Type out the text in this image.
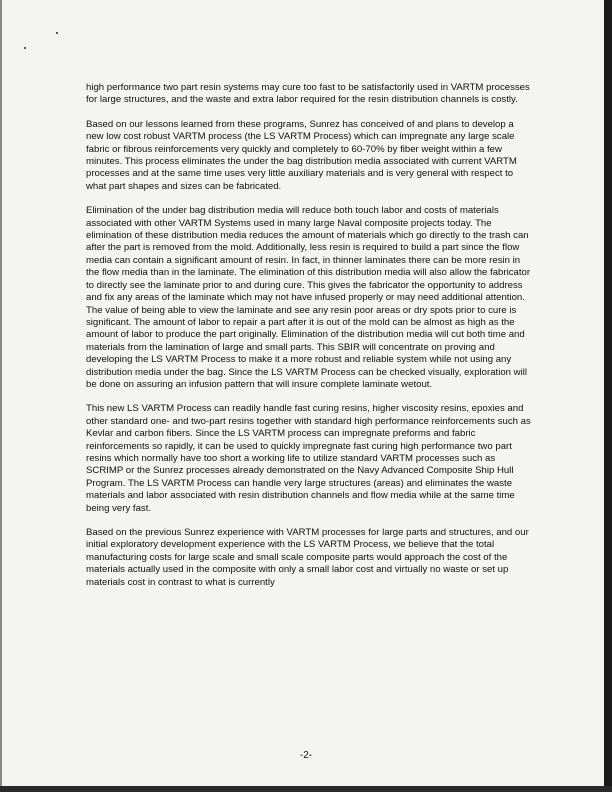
high performance two part resin systems may cure too fast to be satisfactorily used in VARTM processes for large structures, and the waste and extra labor required for the resin distribution channels is costly.

Based on our lessons learned from these programs, Sunrez has conceived of and plans to develop a new low cost robust VARTM process (the LS VARTM Process) which can impregnate any large scale fabric or fibrous reinforcements very quickly and completely to 60-70% by fiber weight within a few minutes. This process eliminates the under the bag distribution media associated with current VARTM processes and at the same time uses very little auxiliary materials and is very general with respect to what part shapes and sizes can be fabricated.

Elimination of the under bag distribution media will reduce both touch labor and costs of materials associated with other VARTM Systems used in many large Naval composite projects today. The elimination of these distribution media reduces the amount of materials which go directly to the trash can after the part is removed from the mold. Additionally, less resin is required to build a part since the flow media can contain a significant amount of resin. In fact, in thinner laminates there can be more resin in the flow media than in the laminate. The elimination of this distribution media will also allow the fabricator to directly see the laminate prior to and during cure. This gives the fabricator the opportunity to address and fix any areas of the laminate which may not have infused properly or may need additional attention. The value of being able to view the laminate and see any resin poor areas or dry spots prior to cure is significant. The amount of labor to repair a part after it is out of the mold can be almost as high as the amount of labor to produce the part originally. Elimination of the distribution media will cut both time and materials from the lamination of large and small parts. This SBIR will concentrate on proving and developing the LS VARTM Process to make it a more robust and reliable system while not using any distribution media under the bag. Since the LS VARTM Process can be checked visually, exploration will be done on assuring an infusion pattern that will insure complete laminate wetout.

This new LS VARTM Process can readily handle fast curing resins, higher viscosity resins, epoxies and other standard one- and two-part resins together with standard high performance reinforcements such as Kevlar and carbon fibers. Since the LS VARTM process can impregnate preforms and fabric reinforcements so rapidly, it can be used to quickly impregnate fast curing high performance two part resins which normally have too short a working life to utilize standard VARTM processes such as SCRIMP or the Sunrez processes already demonstrated on the Navy Advanced Composite Ship Hull Program. The LS VARTM Process can handle very large structures (areas) and eliminates the waste materials and labor associated with resin distribution channels and flow media while at the same time being very fast.

Based on the previous Sunrez experience with VARTM processes for large parts and structures, and our initial exploratory development experience with the LS VARTM Process, we believe that the total manufacturing costs for large scale and small scale composite parts would approach the cost of the materials actually used in the composite with only a small labor cost and virtually no waste or set up materials cost in contrast to what is currently

-2-
